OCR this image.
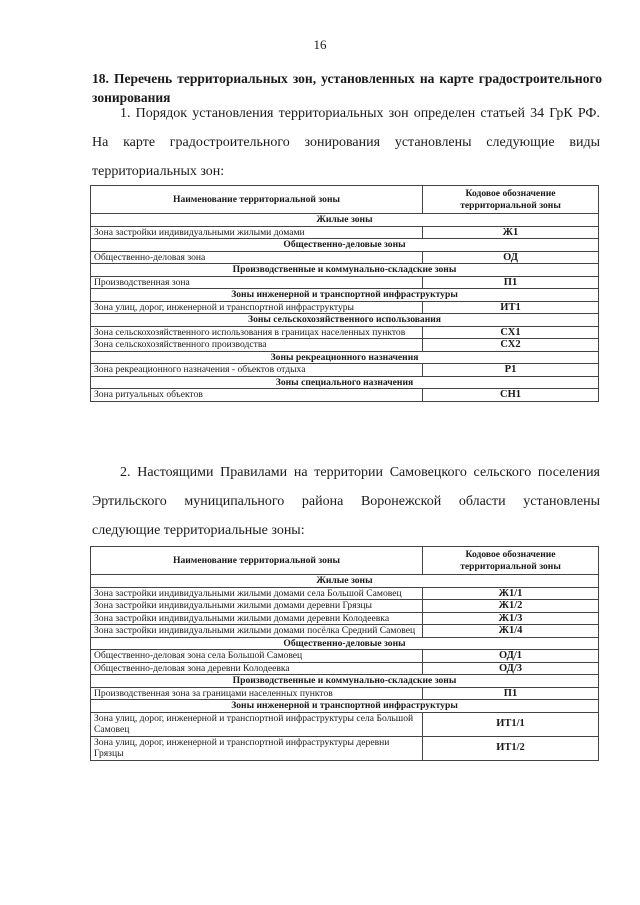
16
18. Перечень территориальных зон, установленных на карте градостроительного зонирования
1. Порядок установления территориальных зон определен статьей 34 ГрК РФ. На карте градостроительного зонирования установлены следующие виды территориальных зон:
Наименование территориальной зоны	Кодовое обозначение территориальной зоны
Жилые зоны	
Зона застройки индивидуальными жилыми домами	Ж1
Общественно-деловые зоны	
Общественно-деловая зона	ОД
Производственные и коммунально-складские зоны	
Производственная зона	П1
Зоны инженерной и транспортной инфраструктуры	
Зона улиц, дорог, инженерной и транспортной инфраструктуры	ИТ1
Зоны сельскохозяйственного использования	
Зона сельскохозяйственного использования в границах населенных пунктов	СХ1
Зона сельскохозяйственного производства	СХ2
Зоны рекреационного назначения	
Зона рекреационного назначения - объектов отдыха	Р1
Зоны специального назначения	
Зона ритуальных объектов	СН1
2. Настоящими Правилами на территории Самовецкого сельского поселения Эртильского муниципального района Воронежской области установлены следующие территориальные зоны:
Наименование территориальной зоны	Кодовое обозначение территориальной зоны
Жилые зоны	
Зона застройки индивидуальными жилыми домами села Большой Самовец	Ж1/1
Зона застройки индивидуальными жилыми домами деревни Грязцы	Ж1/2
Зона застройки индивидуальными жилыми домами деревни Колодеевка	Ж1/3
Зона застройки индивидуальными жилыми домами посёлка Средний Самовец	Ж1/4
Общественно-деловые зоны	
Общественно-деловая зона села Большой Самовец	ОД/1
Общественно-деловая зона деревни Колодеевка	ОД/3
Производственные и коммунально-складские зоны	
Производственная зона за границами населенных пунктов	П1
Зоны инженерной и транспортной инфраструктуры	
Зона улиц, дорог, инженерной и транспортной инфраструктуры села Большой Самовец	ИТ1/1
Зона улиц, дорог, инженерной и транспортной инфраструктуры деревни Грязцы	ИТ1/2
